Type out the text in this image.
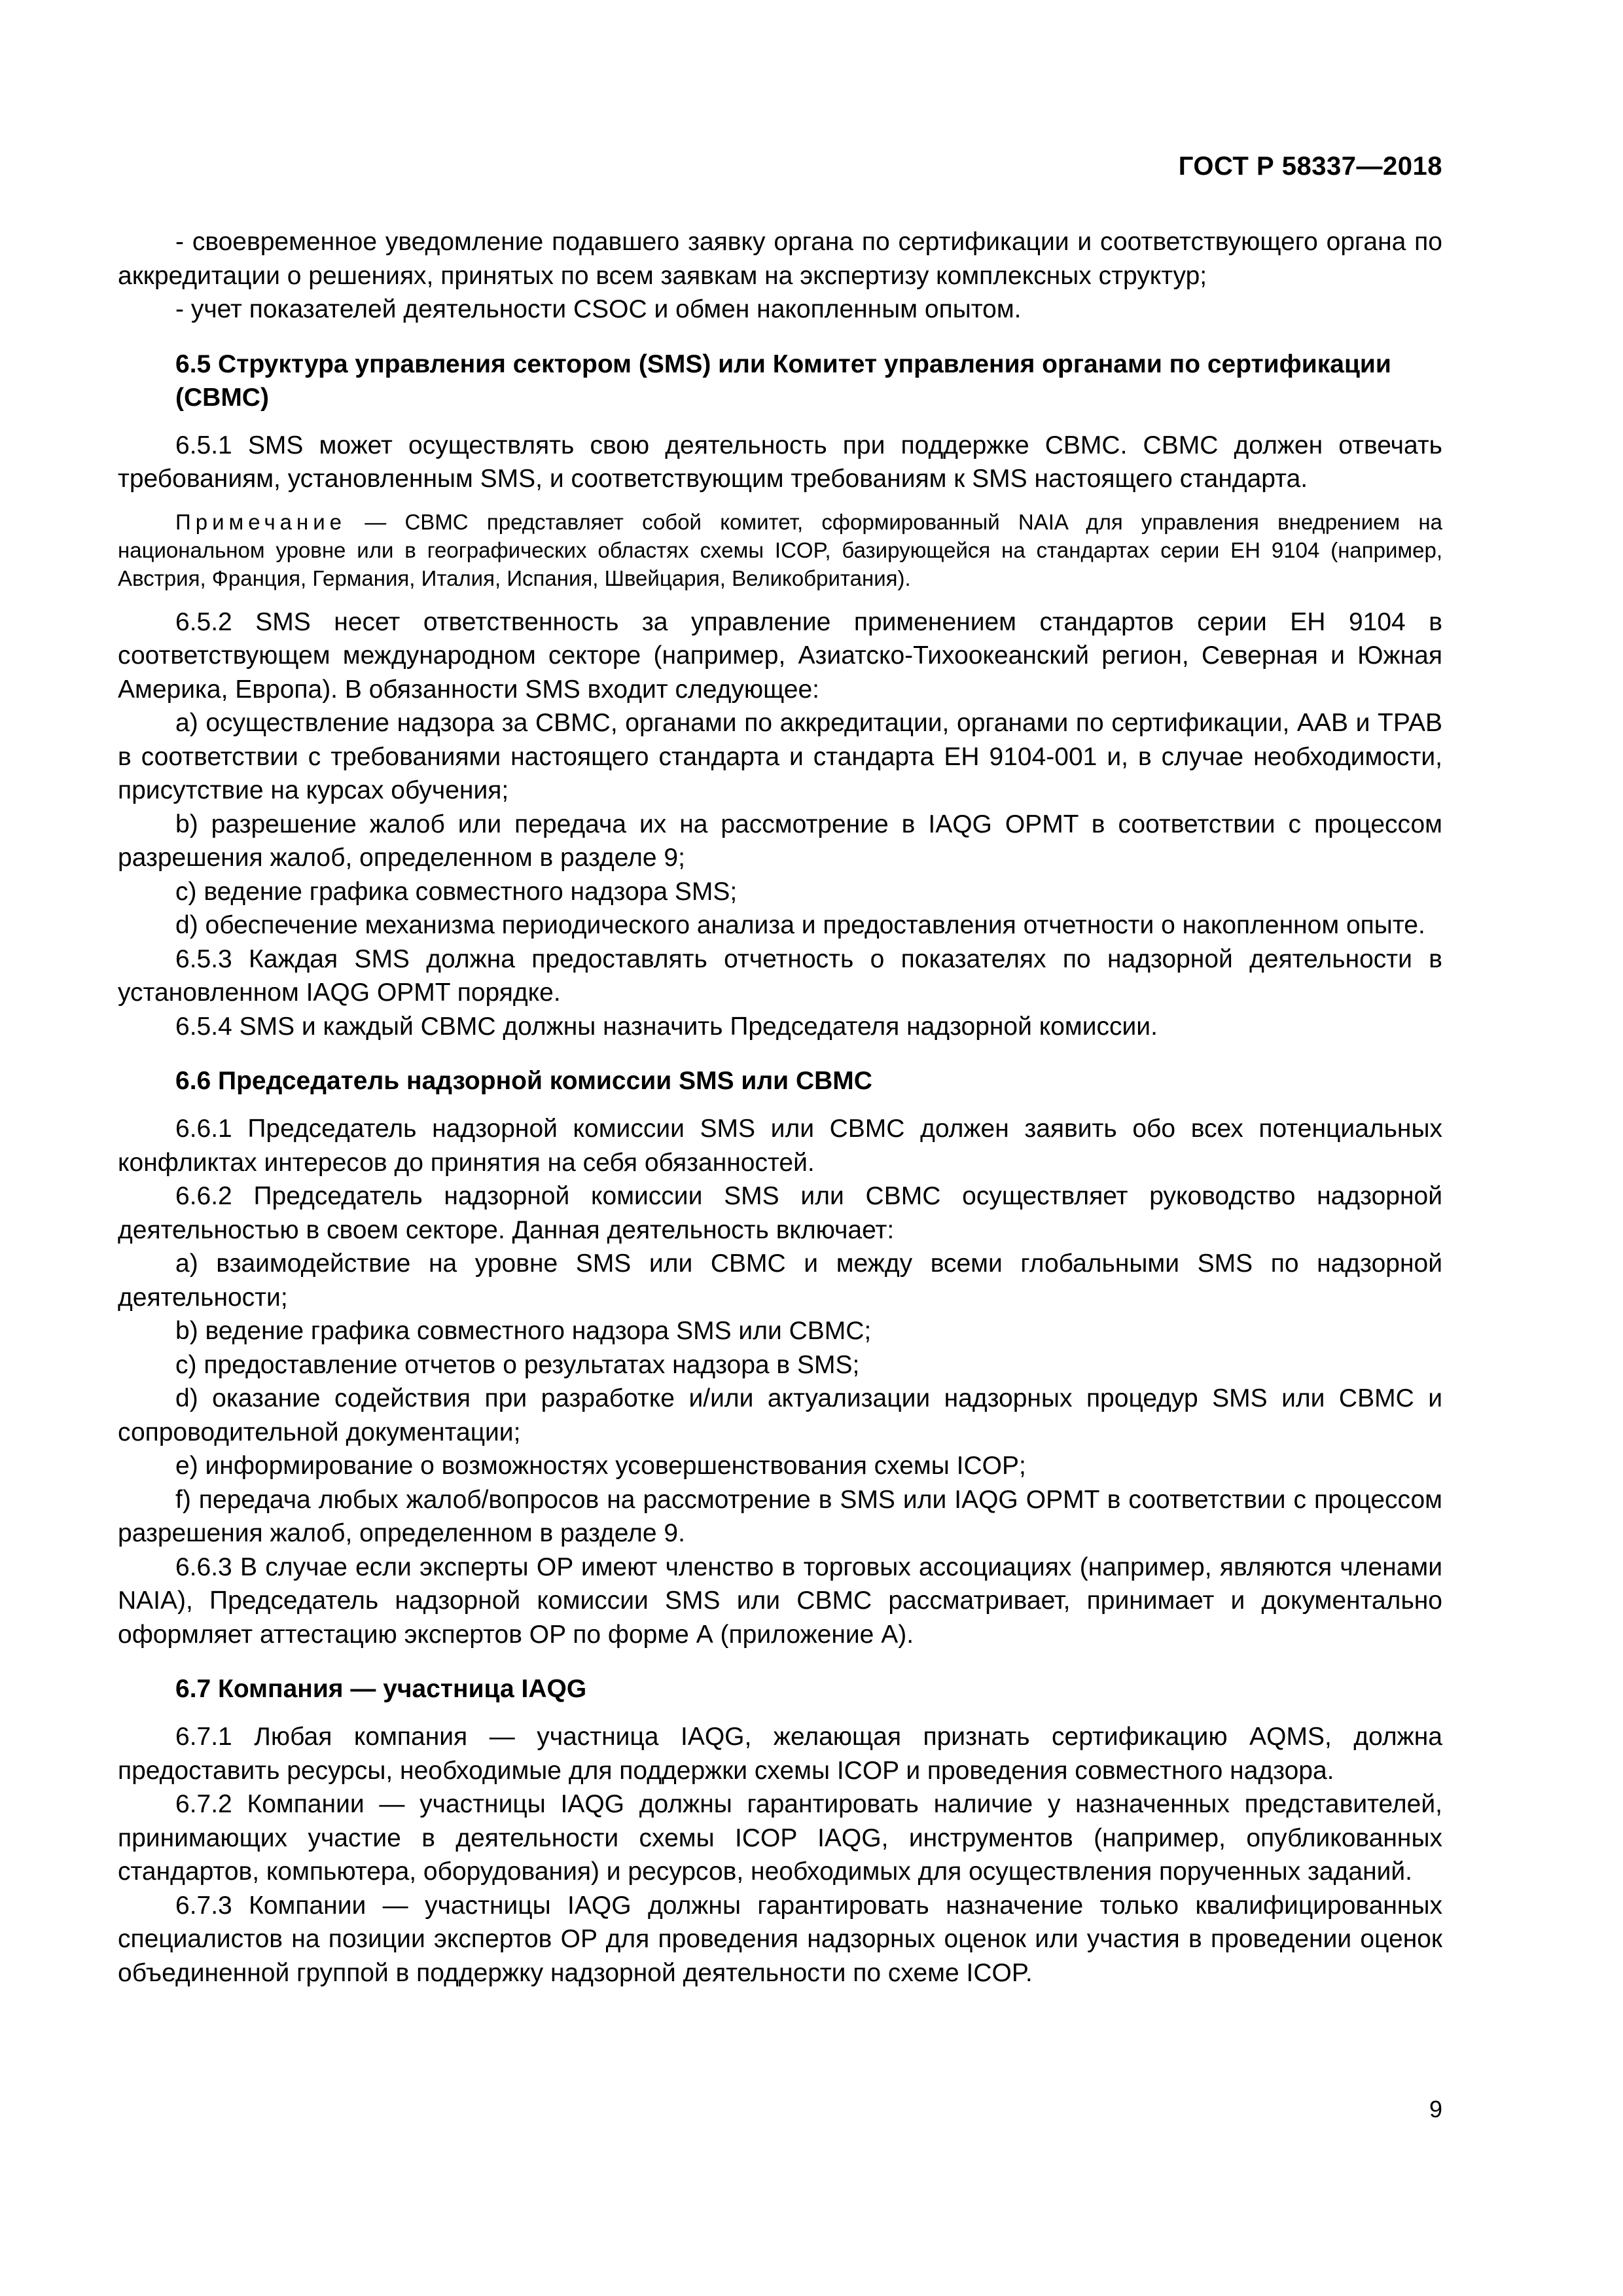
ГОСТ Р 58337—2018

- своевременное уведомление подавшего заявку органа по сертификации и соответствующего органа по аккредитации о решениях, принятых по всем заявкам на экспертизу комплексных структур;

- учет показателей деятельности CSOC и обмен накопленным опытом.

6.5 Структура управления сектором (SMS) или Комитет управления органами по сертификации (CBMC)

6.5.1 SMS может осуществлять свою деятельность при поддержке CBMC. CBMC должен отвечать требованиям, установленным SMS, и соответствующим требованиям к SMS настоящего стандарта.

Примечание — CBMC представляет собой комитет, сформированный NAIA для управления внедрением на национальном уровне или в географических областях схемы ICOP, базирующейся на стандартах серии ЕН 9104 (например, Австрия, Франция, Германия, Италия, Испания, Швейцария, Великобритания).

6.5.2 SMS несет ответственность за управление применением стандартов серии ЕН 9104 в соответствующем международном секторе (например, Азиатско-Тихоокеанский регион, Северная и Южная Америка, Европа). В обязанности SMS входит следующее:

a) осуществление надзора за CBMC, органами по аккредитации, органами по сертификации, AAB и TPAB в соответствии с требованиями настоящего стандарта и стандарта ЕН 9104-001 и, в случае необходимости, присутствие на курсах обучения;

b) разрешение жалоб или передача их на рассмотрение в IAQG OPMT в соответствии с процессом разрешения жалоб, определенном в разделе 9;

c) ведение графика совместного надзора SMS;

d) обеспечение механизма периодического анализа и предоставления отчетности о накопленном опыте.

6.5.3 Каждая SMS должна предоставлять отчетность о показателях по надзорной деятельности в установленном IAQG OPMT порядке.

6.5.4 SMS и каждый CBMC должны назначить Председателя надзорной комиссии.

6.6 Председатель надзорной комиссии SMS или CBMC

6.6.1 Председатель надзорной комиссии SMS или CBMC должен заявить обо всех потенциальных конфликтах интересов до принятия на себя обязанностей.

6.6.2 Председатель надзорной комиссии SMS или CBMC осуществляет руководство надзорной деятельностью в своем секторе. Данная деятельность включает:

a) взаимодействие на уровне SMS или CBMC и между всеми глобальными SMS по надзорной деятельности;

b) ведение графика совместного надзора SMS или CBMC;

c) предоставление отчетов о результатах надзора в SMS;

d) оказание содействия при разработке и/или актуализации надзорных процедур SMS или CBMC и сопроводительной документации;

e) информирование о возможностях усовершенствования схемы ICOP;

f) передача любых жалоб/вопросов на рассмотрение в SMS или IAQG OPMT в соответствии с процессом разрешения жалоб, определенном в разделе 9.

6.6.3 В случае если эксперты OP имеют членство в торговых ассоциациях (например, являются членами NAIA), Председатель надзорной комиссии SMS или CBMC рассматривает, принимает и документально оформляет аттестацию экспертов OP по форме А (приложение А).

6.7 Компания — участница IAQG

6.7.1 Любая компания — участница IAQG, желающая признать сертификацию AQMS, должна предоставить ресурсы, необходимые для поддержки схемы ICOP и проведения совместного надзора.

6.7.2 Компании — участницы IAQG должны гарантировать наличие у назначенных представителей, принимающих участие в деятельности схемы ICOP IAQG, инструментов (например, опубликованных стандартов, компьютера, оборудования) и ресурсов, необходимых для осуществления порученных заданий.

6.7.3 Компании — участницы IAQG должны гарантировать назначение только квалифицированных специалистов на позиции экспертов OP для проведения надзорных оценок или участия в проведении оценок объединенной группой в поддержку надзорной деятельности по схеме ICOP.

9
